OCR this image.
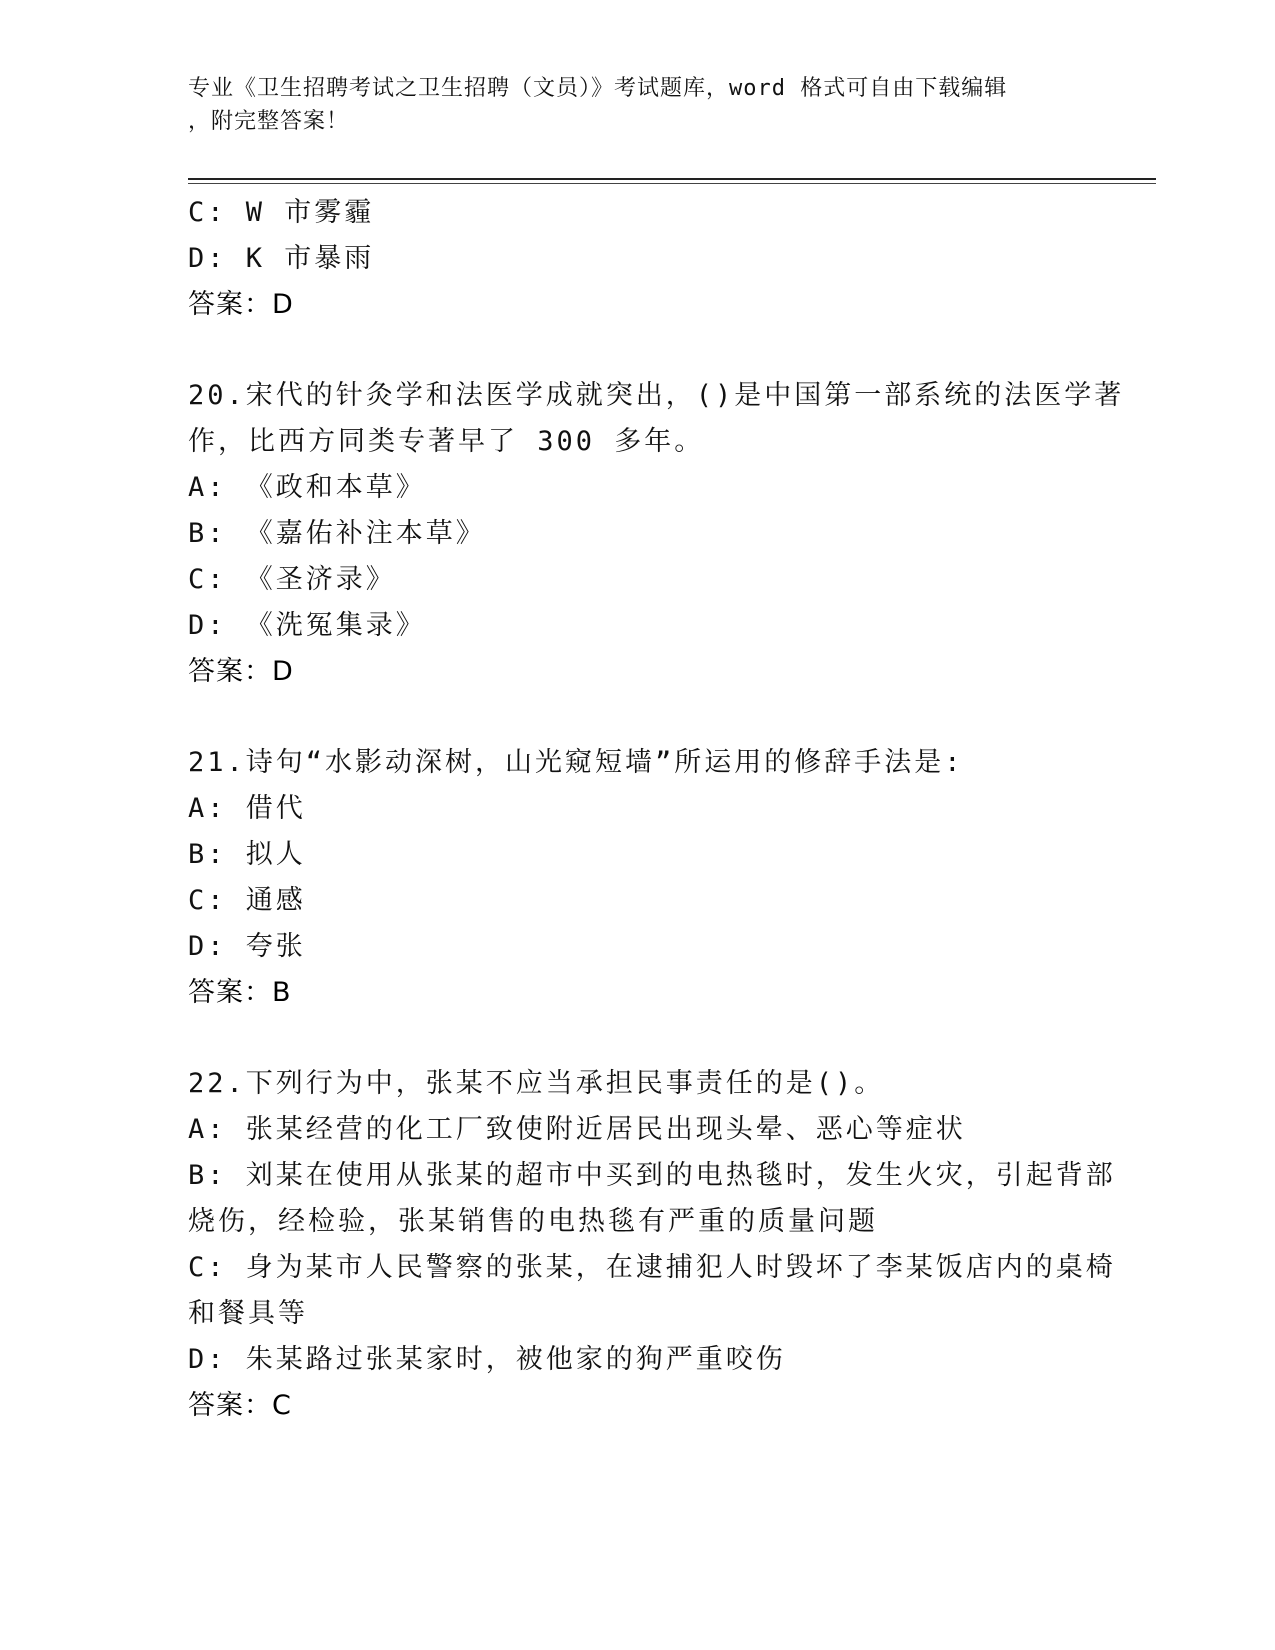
专业《卫生招聘考试之卫生招聘（文员）》考试题库，word 格式可自由下载编辑
，附完整答案！
C: W 市雾霾
D: K 市暴雨
答案：D
20.宋代的针灸学和法医学成就突出，()是中国第一部系统的法医学著
作，比西方同类专著早了 300 多年。
A: 《政和本草》
B: 《嘉佑补注本草》
C: 《圣济录》
D: 《洗冤集录》
答案：D
21.诗句“水影动深树，山光窥短墙”所运用的修辞手法是:
A: 借代
B: 拟人
C: 通感
D: 夸张
答案：B
22.下列行为中，张某不应当承担民事责任的是()。
A: 张某经营的化工厂致使附近居民出现头晕、恶心等症状
B: 刘某在使用从张某的超市中买到的电热毯时，发生火灾，引起背部
烧伤，经检验，张某销售的电热毯有严重的质量问题
C: 身为某市人民警察的张某，在逮捕犯人时毁坏了李某饭店内的桌椅
和餐具等
D: 朱某路过张某家时，被他家的狗严重咬伤
答案：C
